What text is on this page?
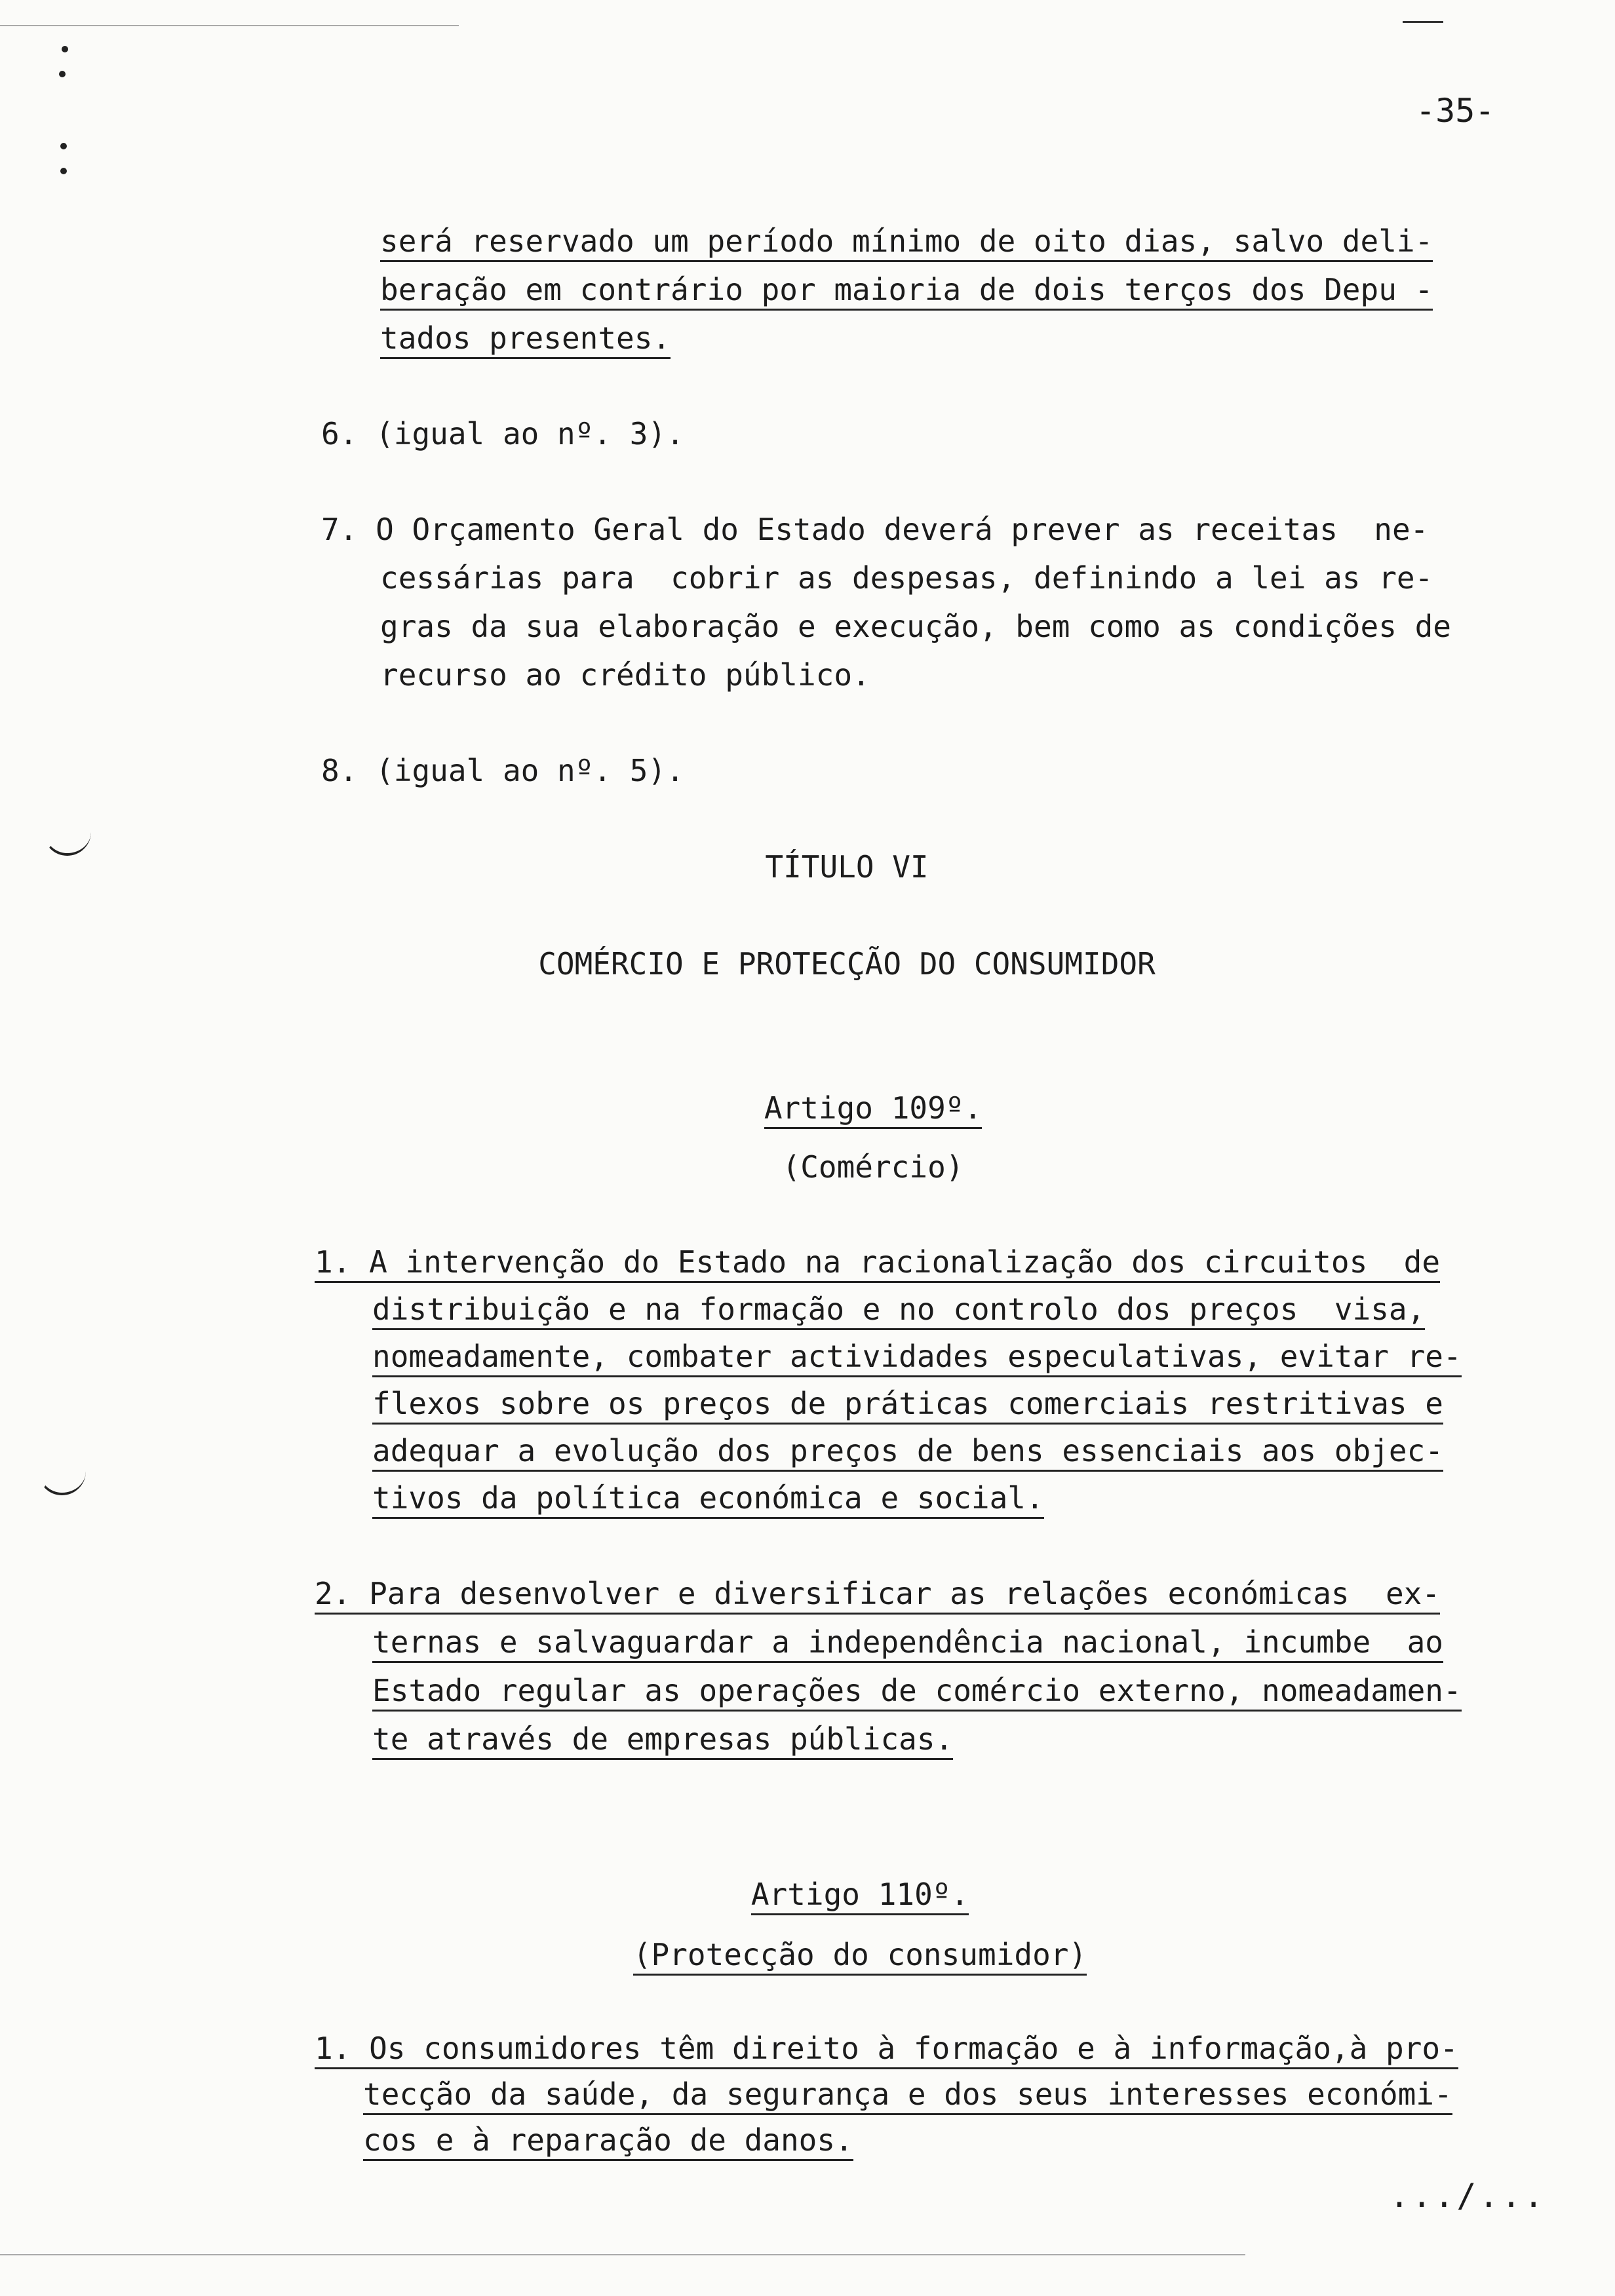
-35-
será reservado um período mínimo de oito dias, salvo deli-
beração em contrário por maioria de dois terços dos Depu -
tados presentes.
6. (igual ao nº. 3).
7. O Orçamento Geral do Estado deverá prever as receitas  ne-
cessárias para  cobrir as despesas, definindo a lei as re-
gras da sua elaboração e execução, bem como as condições de
recurso ao crédito público.
8. (igual ao nº. 5).
TÍTULO VI
COMÉRCIO E PROTECÇÃO DO CONSUMIDOR
Artigo 109º.
(Comércio)
1. A intervenção do Estado na racionalização dos circuitos  de
distribuição e na formação e no controlo dos preços  visa,
nomeadamente, combater actividades especulativas, evitar re-
flexos sobre os preços de práticas comerciais restritivas e
adequar a evolução dos preços de bens essenciais aos objec-
tivos da política económica e social.
2. Para desenvolver e diversificar as relações económicas  ex-
ternas e salvaguardar a independência nacional, incumbe  ao
Estado regular as operações de comércio externo, nomeadamen-
te através de empresas públicas.
Artigo 110º.
(Protecção do consumidor)
1. Os consumidores têm direito à formação e à informação,à pro-
tecção da saúde, da segurança e dos seus interesses económi-
cos e à reparação de danos.
.../...
